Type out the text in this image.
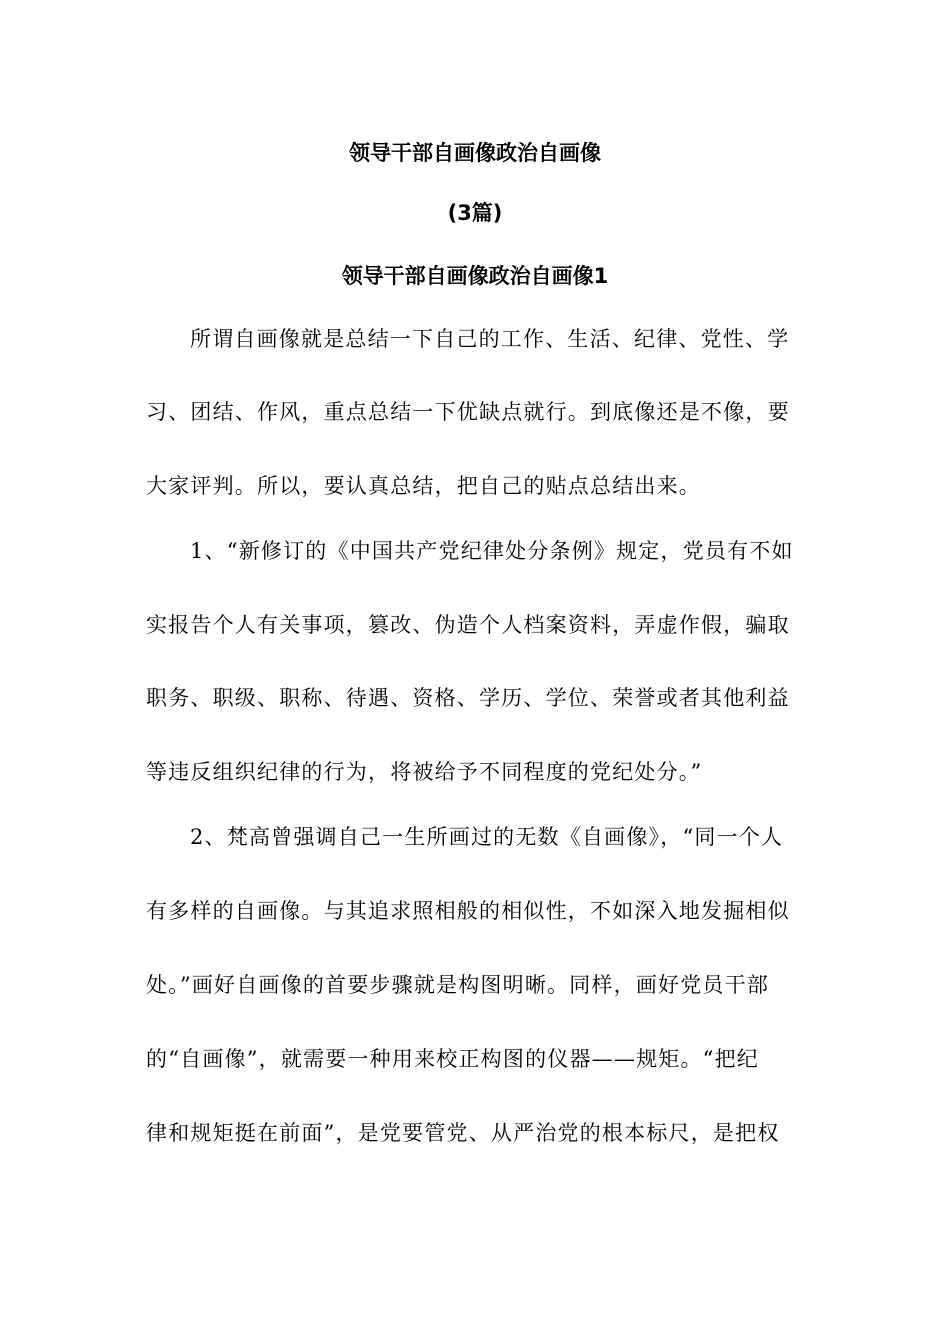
领导干部自画像政治自画像
(3篇)
领导干部自画像政治自画像1

所谓自画像就是总结一下自己的工作、生活、纪律、党性、学

习、团结、作风，重点总结一下优缺点就行。到底像还是不像，要

大家评判。所以，要认真总结，把自己的贴点总结出来。

1、“新修订的《中国共产党纪律处分条例》规定，党员有不如

实报告个人有关事项，篡改、伪造个人档案资料，弄虚作假，骗取

职务、职级、职称、待遇、资格、学历、学位、荣誉或者其他利益

等违反组织纪律的行为，将被给予不同程度的党纪处分。”

2、梵高曾强调自己一生所画过的无数《自画像》，“同一个人

有多样的自画像。与其追求照相般的相似性，不如深入地发掘相似

处。”画好自画像的首要步骤就是构图明晰。同样，画好党员干部

的“自画像”，就需要一种用来校正构图的仪器——规矩。“把纪

律和规矩挺在前面”，是党要管党、从严治党的根本标尺，是把权
